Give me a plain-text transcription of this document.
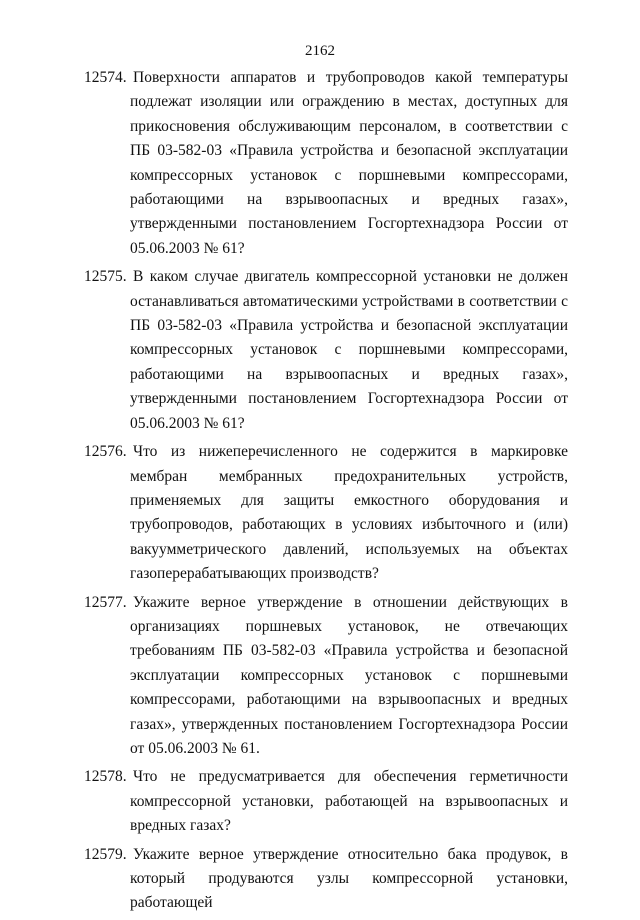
2162
12574. Поверхности аппаратов и трубопроводов какой температуры подлежат изоляции или ограждению в местах, доступных для прикосновения обслуживающим персоналом, в соответствии с ПБ 03-582-03 «Правила устройства и безопасной эксплуатации компрессорных установок с поршневыми компрессорами, работающими на взрывоопасных и вредных газах», утвержденными постановлением Госгортехнадзора России от 05.06.2003 № 61?
12575. В каком случае двигатель компрессорной установки не должен останавливаться автоматическими устройствами в соответствии с ПБ 03-582-03 «Правила устройства и безопасной эксплуатации компрессорных установок с поршневыми компрессорами, работающими на взрывоопасных и вредных газах», утвержденными постановлением Госгортехнадзора России от 05.06.2003 № 61?
12576. Что из нижеперечисленного не содержится в маркировке мембран мембранных предохранительных устройств, применяемых для защиты емкостного оборудования и трубопроводов, работающих в условиях избыточного и (или) вакуумметрического давлений, используемых на объектах газоперерабатывающих производств?
12577. Укажите верное утверждение в отношении действующих в организациях поршневых установок, не отвечающих требованиям ПБ 03-582-03 «Правила устройства и безопасной эксплуатации компрессорных установок с поршневыми компрессорами, работающими на взрывоопасных и вредных газах», утвержденных постановлением Госгортехнадзора России от 05.06.2003 № 61.
12578. Что не предусматривается для обеспечения герметичности компрессорной установки, работающей на взрывоопасных и вредных газах?
12579. Укажите верное утверждение относительно бака продувок, в который продуваются узлы компрессорной установки, работающей
